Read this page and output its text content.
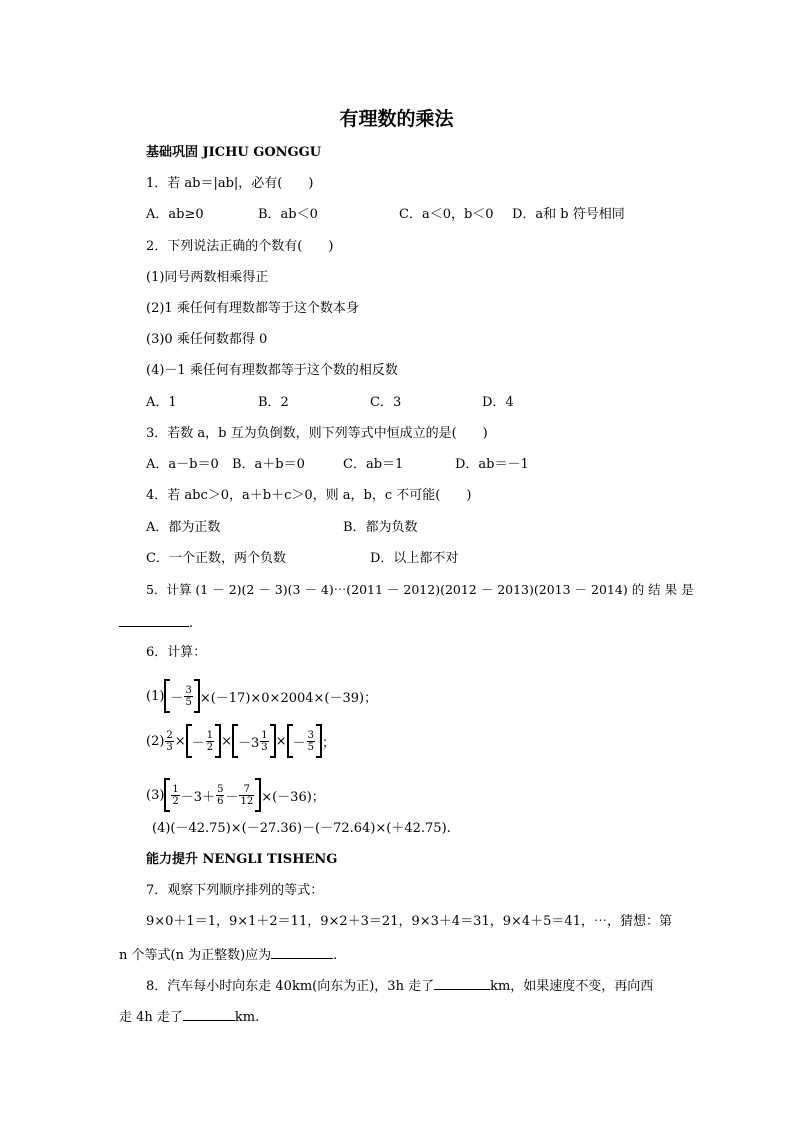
有理数的乘法
基础巩固 JICHU GONGGU
1．若 ab＝|ab|，必有(　　)
A．ab≥0	B．ab＜0	C．a＜0，b＜0 D．a和 b 符号相同
2．下列说法正确的个数有(　　)
(1)同号两数相乘得正
(2)1 乘任何有理数都等于这个数本身
(3)0 乘任何数都得 0
(4)－1 乘任何有理数都等于这个数的相反数
A．1	B．2	C．3	D．4
3．若数 a，b 互为负倒数，则下列等式中恒成立的是(　　)
A．a－b＝0 B．a＋b＝0	C．ab＝1	D．ab＝－1
4．若 abc＞0，a＋b＋c＞0，则 a，b，c 不可能(　　)
A．都为正数	B．都为负数
C．一个正数，两个负数	D．以上都不对
5．计算 (1 － 2)(2 － 3)(3 － 4)⋯(2011 － 2012)(2012 － 2013)(2013 － 2014) 的 结 果 是
.
6．计算：
$(1) - \frac{3}{5} \times(-17)\times 0\times 2004\times(-39)$；
$(2) \frac{2}{3}$ × － $\frac{1}{2} \times -3 \frac{1}{3}$ × － $\frac{3}{5}$ ；
$(3) \frac{1}{2} -3+ \frac{5}{6} - \frac{7}{12} \times(-36)$；
(4)(－42.75)×(－27.36)－(－72.64)×(＋42.75).
能力提升 NENGLI TISHENG
7．观察下列顺序排列的等式：
9×0＋1＝1，9×1＋2＝11，9×2＋3＝21，9×3＋4＝31，9×4＋5＝41，⋯，猜想：第
n 个等式(n 为正整数)应为	.
8．汽车每小时向东走 40km(向东为正)，3h 走了	km，如果速度不变，再向西
走 4h 走了	km.
